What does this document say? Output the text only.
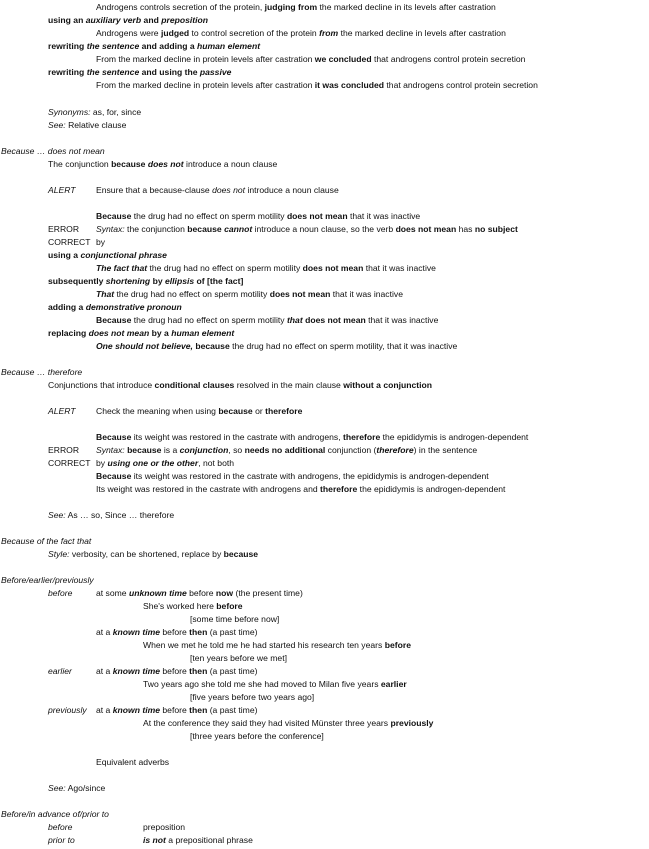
Androgens controls secretion of the protein, judging from the marked decline in its levels after castration
using an auxiliary verb and preposition
Androgens were judged to control secretion of the protein from the marked decline in levels after castration
rewriting the sentence and adding a human element
From the marked decline in protein levels after castration we concluded that androgens control protein secretion
rewriting the sentence and using the passive
From the marked decline in protein levels after castration it was concluded that androgens control protein secretion
Synonyms: as, for, since
See: Relative clause
Because … does not mean
The conjunction because does not introduce a noun clause
ALERT Ensure that a because-clause does not introduce a noun clause
Because the drug had no effect on sperm motility does not mean that it was inactive
ERROR Syntax: the conjunction because cannot introduce a noun clause, so the verb does not mean has no subject
CORRECT by
using a conjunctional phrase
The fact that the drug had no effect on sperm motility does not mean that it was inactive
subsequently shortening by ellipsis of [the fact]
That the drug had no effect on sperm motility does not mean that it was inactive
adding a demonstrative pronoun
Because the drug had no effect on sperm motility that does not mean that it was inactive
replacing does not mean by a human element
One should not believe, because the drug had no effect on sperm motility, that it was inactive
Because … therefore
Conjunctions that introduce conditional clauses resolved in the main clause without a conjunction
ALERT Check the meaning when using because or therefore
Because its weight was restored in the castrate with androgens, therefore the epididymis is androgen-dependent
ERROR Syntax: because is a conjunction, so needs no additional conjunction (therefore) in the sentence
CORRECT by using one or the other, not both
Because its weight was restored in the castrate with androgens, the epididymis is androgen-dependent
Its weight was restored in the castrate with androgens and therefore the epididymis is androgen-dependent
See: As … so, Since … therefore
Because of the fact that
Style: verbosity, can be shortened, replace by because
Before/earlier/previously
before	at some unknown time before now (the present time)
She's worked here before
[some time before now]
at a known time before then (a past time)
When we met he told me he had started his research ten years before
[ten years before we met]
earlier	at a known time before then (a past time)
Two years ago she told me she had moved to Milan five years earlier
[five years before two years ago]
previously at a known time before then (a past time)
At the conference they said they had visited Münster three years previously
[three years before the conference]
Equivalent adverbs
See: Ago/since
Before/in advance of/prior to
before	preposition
prior to	is not a prepositional phrase
